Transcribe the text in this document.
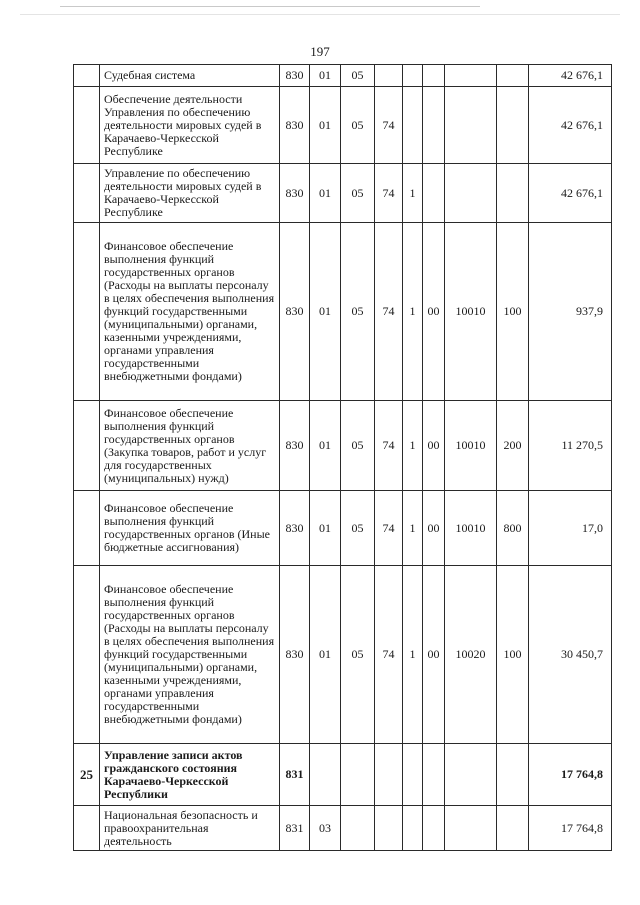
197
	Судебная система	830	01	05						42 676,1
	Обеспечение деятельности Управления по обеспечению деятельности мировых судей в Карачаево-Черкесской Республике	830	01	05	74					42 676,1
	Управление по обеспечению деятельности мировых судей в Карачаево-Черкесской Республике	830	01	05	74	1				42 676,1
	Финансовое обеспечение выполнения функций государственных органов (Расходы на выплаты персоналу в целях обеспечения выполнения функций государственными (муниципальными) органами, казенными учреждениями, органами управления государственными внебюджетными фондами)	830	01	05	74	1	00	10010	100	937,9
	Финансовое обеспечение выполнения функций государственных органов (Закупка товаров, работ и услуг для государственных (муниципальных) нужд)	830	01	05	74	1	00	10010	200	11 270,5
	Финансовое обеспечение выполнения функций государственных органов (Иные бюджетные ассигнования)	830	01	05	74	1	00	10010	800	17,0
	Финансовое обеспечение выполнения функций государственных органов (Расходы на выплаты персоналу в целях обеспечения выполнения функций государственными (муниципальными) органами, казенными учреждениями, органами управления государственными внебюджетными фондами)	830	01	05	74	1	00	10020	100	30 450,7
25	Управление записи актов гражданского состояния Карачаево-Черкесской Республики	831								17 764,8
	Национальная безопасность и правоохранительная деятельность	831	03							17 764,8
